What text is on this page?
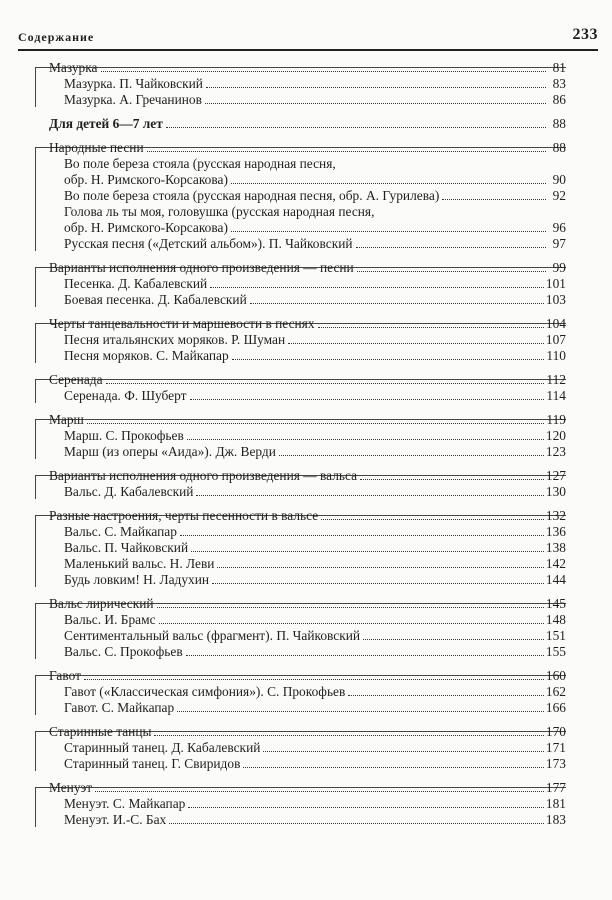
Содержание	233
Мазурка	81
Мазурка. П. Чайковский	83
Мазурка. А. Гречанинов	86
Для детей 6—7 лет	88
Народные песни	88
Во поле береза стояла (русская народная песня,
обр. Н. Римского-Корсакова)	90
Во поле береза стояла (русская народная песня, обр. А. Гурилева)	92
Голова ль ты моя, головушка (русская народная песня,
обр. Н. Римского-Корсакова)	96
Русская песня («Детский альбом»). П. Чайковский	97
Варианты исполнения одного произведения — песни	99
Песенка. Д. Кабалевский	101
Боевая песенка. Д. Кабалевский	103
Черты танцевальности и маршевости в песнях	104
Песня итальянских моряков. Р. Шуман	107
Песня моряков. С. Майкапар	110
Серенада	112
Серенада. Ф. Шуберт	114
Марш	119
Марш. С. Прокофьев	120
Марш (из оперы «Аида»). Дж. Верди	123
Варианты исполнения одного произведения — вальса	127
Вальс. Д. Кабалевский	130
Разные настроения, черты песенности в вальсе	132
Вальс. С. Майкапар	136
Вальс. П. Чайковский	138
Маленький вальс. Н. Леви	142
Будь ловким! Н. Ладухин	144
Вальс лирический	145
Вальс. И. Брамс	148
Сентиментальный вальс (фрагмент). П. Чайковский	151
Вальс. С. Прокофьев	155
Гавот	160
Гавот («Классическая симфония»). С. Прокофьев	162
Гавот. С. Майкапар	166
Старинные танцы	170
Старинный танец. Д. Кабалевский	171
Старинный танец. Г. Свиридов	173
Менуэт	177
Менуэт. С. Майкапар	181
Менуэт. И.-С. Бах	183
